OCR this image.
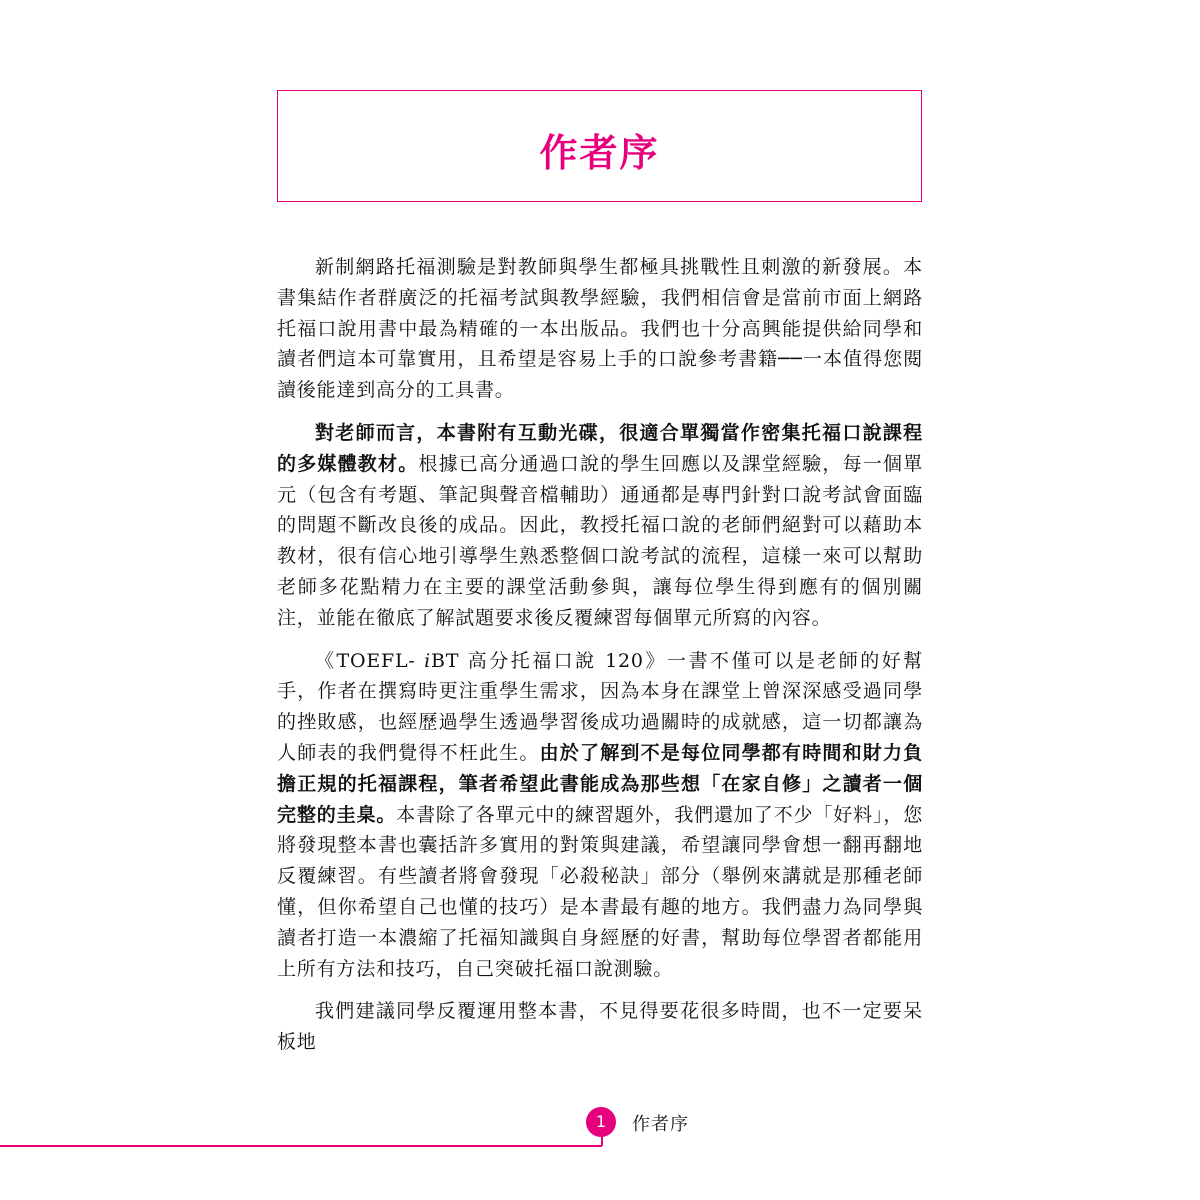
作者序

新制網路托福測驗是對教師與學生都極具挑戰性且刺激的新發展。本書集結作者群廣泛的托福考試與教學經驗，我們相信會是當前市面上網路托福口說用書中最為精確的一本出版品。我們也十分高興能提供給同學和讀者們這本可靠實用，且希望是容易上手的口說參考書籍──一本值得您閱讀後能達到高分的工具書。

對老師而言，本書附有互動光碟，很適合單獨當作密集托福口說課程的多媒體教材。根據已高分通過口說的學生回應以及課堂經驗，每一個單元（包含有考題、筆記與聲音檔輔助）通通都是專門針對口說考試會面臨的問題不斷改良後的成品。因此，教授托福口說的老師們絕對可以藉助本教材，很有信心地引導學生熟悉整個口說考試的流程，這樣一來可以幫助老師多花點精力在主要的課堂活動參與，讓每位學生得到應有的個別關注，並能在徹底了解試題要求後反覆練習每個單元所寫的內容。

《TOEFL- iBT 高分托福口說 120》一書不僅可以是老師的好幫手，作者在撰寫時更注重學生需求，因為本身在課堂上曾深深感受過同學的挫敗感，也經歷過學生透過學習後成功過關時的成就感，這一切都讓為人師表的我們覺得不枉此生。由於了解到不是每位同學都有時間和財力負擔正規的托福課程，筆者希望此書能成為那些想「在家自修」之讀者一個完整的圭臬。本書除了各單元中的練習題外，我們還加了不少「好料」，您將發現整本書也囊括許多實用的對策與建議，希望讓同學會想一翻再翻地反覆練習。有些讀者將會發現「必殺秘訣」部分（舉例來講就是那種老師懂，但你希望自己也懂的技巧）是本書最有趣的地方。我們盡力為同學與讀者打造一本濃縮了托福知識與自身經歷的好書，幫助每位學習者都能用上所有方法和技巧，自己突破托福口說測驗。

我們建議同學反覆運用整本書，不見得要花很多時間，也不一定要呆板地

1	作者序
